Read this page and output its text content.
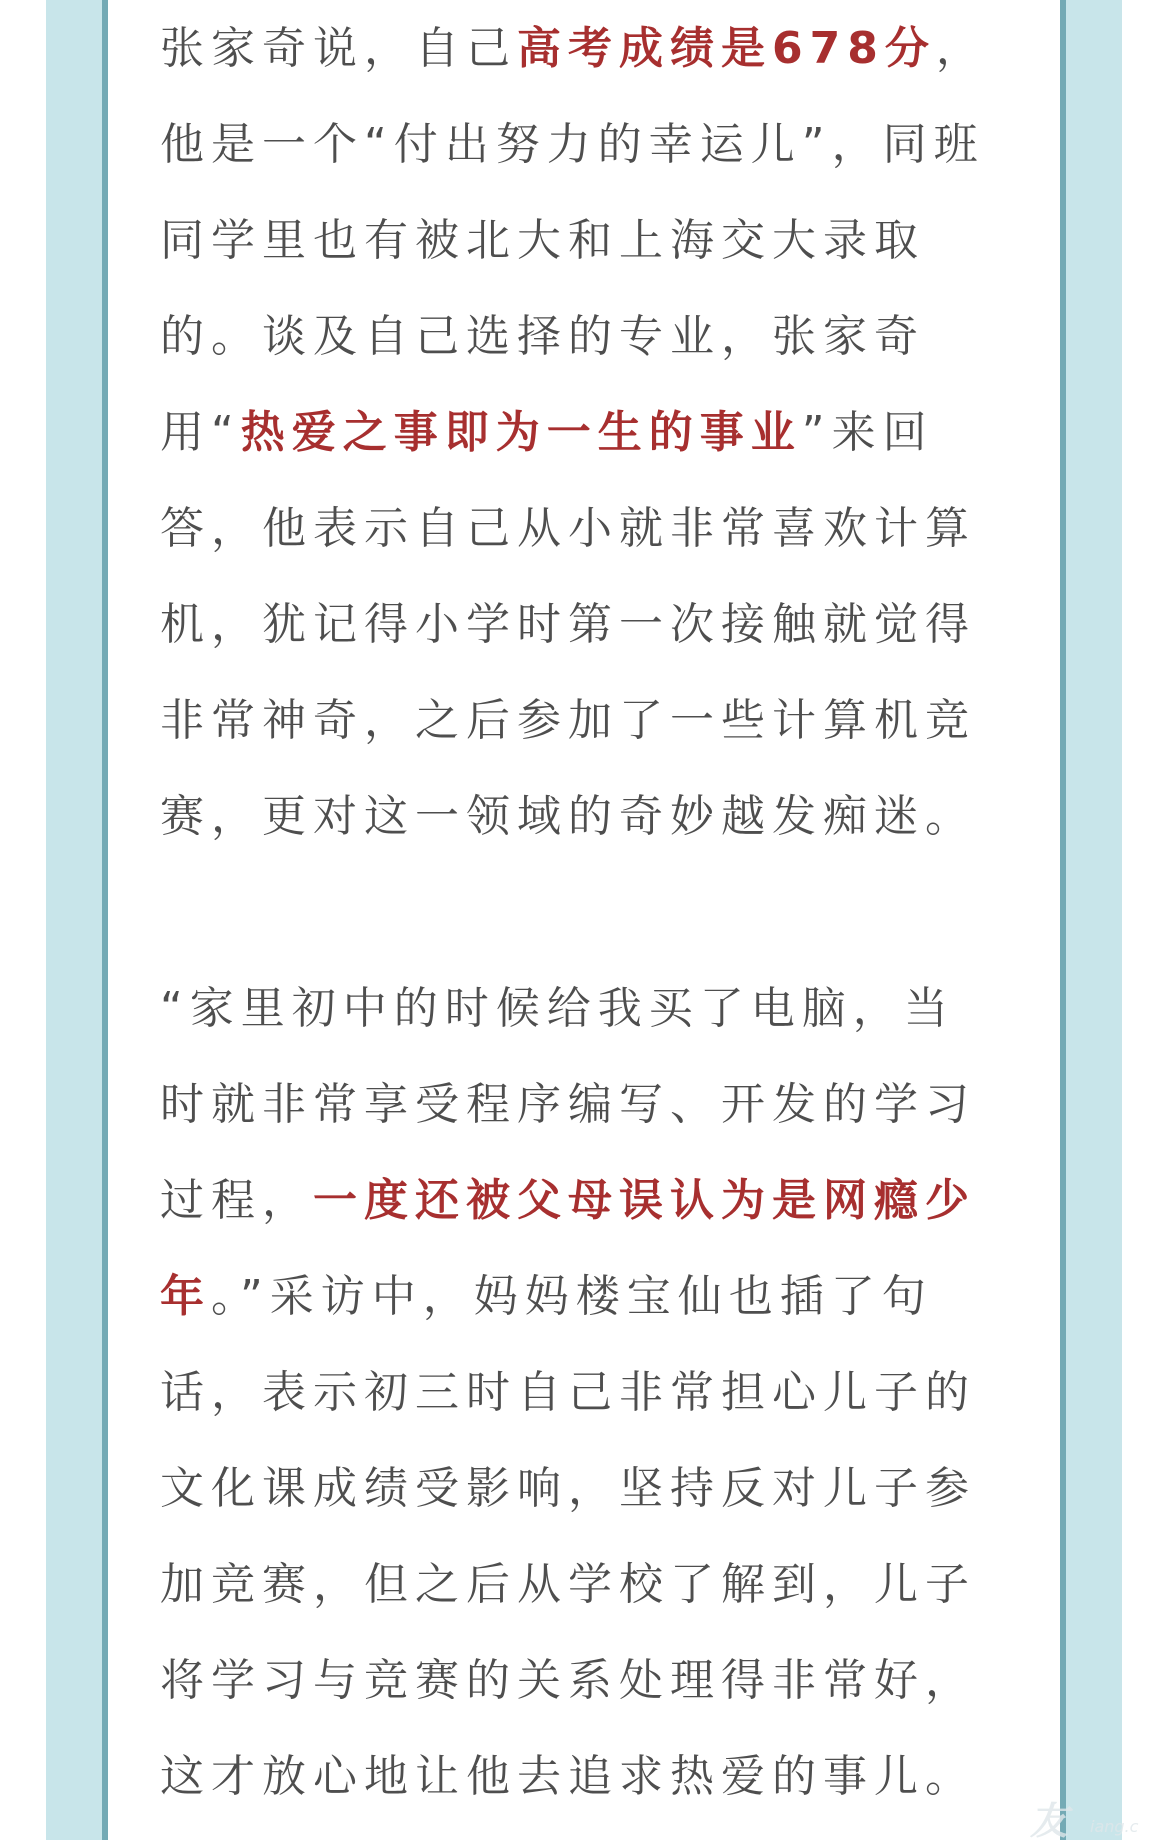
张家奇说，自己高考成绩是678分，他是一个“付出努力的幸运儿”，同班同学里也有被北大和上海交大录取的。谈及自己选择的专业，张家奇用“热爱之事即为一生的事业”来回答，他表示自己从小就非常喜欢计算机，犹记得小学时第一次接触就觉得非常神奇，之后参加了一些计算机竞赛，更对这一领域的奇妙越发痴迷。

“家里初中的时候给我买了电脑，当时就非常享受程序编写、开发的学习过程，一度还被父母误认为是网瘾少年。”采访中，妈妈楼宝仙也插了句话，表示初三时自己非常担心儿子的文化课成绩受影响，坚持反对儿子参加竞赛，但之后从学校了解到，儿子将学习与竞赛的关系处理得非常好，这才放心地让他去追求热爱的事儿。

友 iang.c
